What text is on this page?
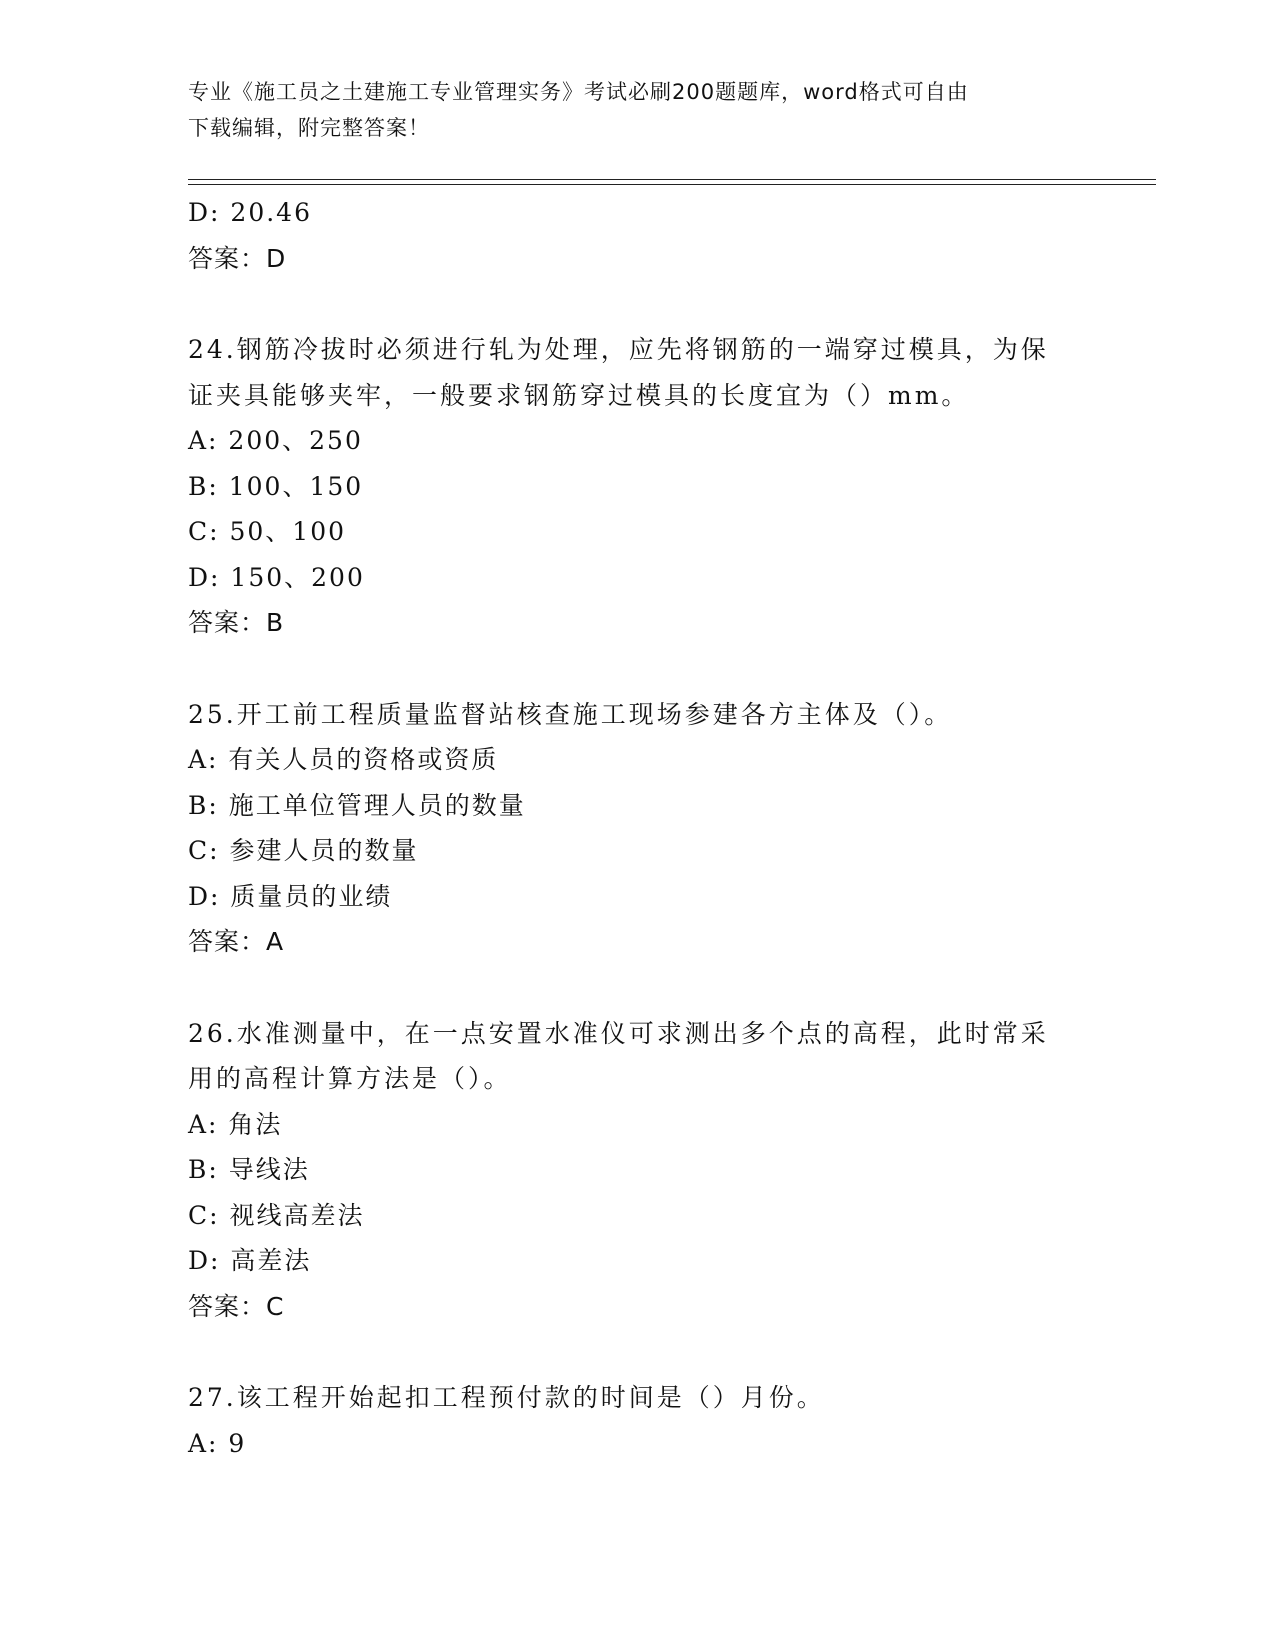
专业《施工员之土建施工专业管理实务》考试必刷200题题库，word格式可自由
下载编辑，附完整答案！
D: 20.46
答案：D
24.钢筋冷拔时必须进行轧为处理，应先将钢筋的一端穿过模具，为保
证夹具能够夹牢，一般要求钢筋穿过模具的长度宜为（）mm。
A: 200、250
B: 100、150
C: 50、100
D: 150、200
答案：B
25.开工前工程质量监督站核查施工现场参建各方主体及（）。
A: 有关人员的资格或资质
B: 施工单位管理人员的数量
C: 参建人员的数量
D: 质量员的业绩
答案：A
26.水准测量中，在一点安置水准仪可求测出多个点的高程，此时常采
用的高程计算方法是（）。
A: 角法
B: 导线法
C: 视线高差法
D: 高差法
答案：C
27.该工程开始起扣工程预付款的时间是（）月份。
A: 9
